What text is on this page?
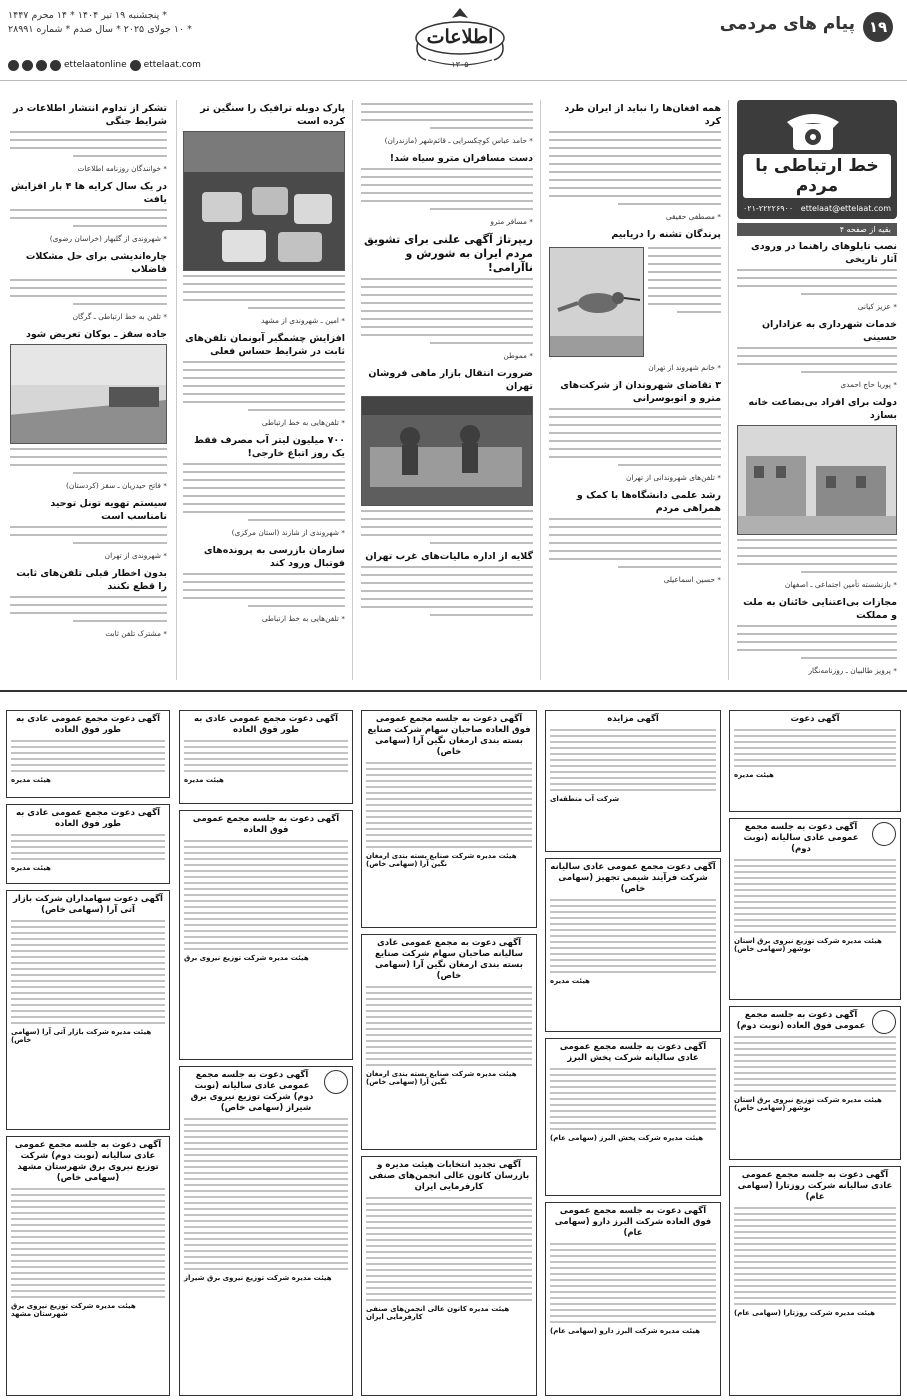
۱۹
پیام های مردمی
اطلاعات
۱۳۰۵
* پنجشنبه ۱۹ تیر ۱۴۰۴ * ۱۴ محرم ۱۴۴۷
* ۱۰ جولای ۲۰۲۵ * سال صدم * شماره ۲۸۹۹۱
ettelaatonline ettelaat.com
خط ارتباطی با مردم
ettelaat@ettelaat.com
۰۲۱-۲۲۲۲۶۹۰۰
بقیه از صفحه ۴
نصب تابلوهای راهنما در ورودی آثار تاریخی
* عزیز کیانی
خدمات شهرداری به عزاداران حسینی
* پوریا حاج احمدی
دولت برای افراد بی‌بضاعت خانه بسازد
* بازنشسته تأمین اجتماعی ـ اصفهان
مجازات بی‌اعتنایی خائنان به ملت و مملکت
* پرویز طالبیان ـ روزنامه‌نگار
همه افغان‌ها را نباید از ایران طرد کرد
* مصطفی حقیقی
پرندگان تشنه را دریابیم
* خانم شهروند از تهران
۳ تقاضای شهروندان از شرکت‌های مترو و اتوبوسرانی
* تلفن‌های شهروندانی از تهران
رشد علمی دانشگاه‌ها با کمک و همراهی مردم
* حسین اسماعیلی
* حامد عباس کوچکسرایی ـ قائم‌شهر (مازندران)
دست مسافران مترو سیاه شد!
* مسافر مترو
ریپرتاژ آگهی علنی برای تشویق مردم ایران به شورش و ناآرامی!
* مموطن
ضرورت انتقال بازار ماهی فروشان تهران
گلایه از اداره مالیات‌های غرب تهران
پارک دوبله ترافیک را سنگین تر کرده است
* امین ـ شهروندی از مشهد
افزایش چشمگیر آبونمان تلفن‌های ثابت در شرایط حساس فعلی
* تلفن‌هایی به خط ارتباطی
۷۰۰ میلیون لیتر آب مصرف فقط یک روز اتباع خارجی!
* شهروندی از شازند (استان مرکزی)
سازمان بازرسی به پرونده‌های فوتبال ورود کند
* تلفن‌هایی به خط ارتباطی
تشکر از تداوم انتشار اطلاعات در شرایط جنگی
* خوانندگان روزنامه اطلاعات
در یک سال کرایه ها ۴ بار افزایش یافت
* شهروندی از گلبهار (خراسان رضوی)
چاره‌اندیشی برای حل مشکلات فاضلاب
* تلفن به خط ارتباطی ـ گرگان
جاده سقز ـ بوکان تعریض شود
* فاتح حیدریان ـ سقز (کردستان)
سیستم تهویه تونل توحید نامناسب است
* شهروندی از تهران
بدون اخطار قبلی تلفن‌های ثابت را قطع نکنند
* مشترک تلفن ثابت
آگهی دعوت
هیئت مدیره
آگهی دعوت به جلسه مجمع عمومی عادی سالیانه (نوبت دوم)
هیئت مدیره شرکت توزیع نیروی برق استان بوشهر (سهامی خاص)
آگهی دعوت به جلسه مجمع عمومی فوق العاده (نوبت دوم)
هیئت مدیره شرکت توزیع نیروی برق استان بوشهر (سهامی خاص)
آگهی دعوت به جلسه مجمع عمومی عادی سالیانه شرکت روزتارا (سهامی عام)
هیئت مدیره شرکت روزتارا (سهامی عام)
آگهی مزایده
شرکت آب منطقه‌ای
آگهی دعوت مجمع عمومی عادی سالیانه شرکت فرآیند شیمی تجهیز (سهامی خاص)
هیئت مدیره
آگهی دعوت به جلسه مجمع عمومی عادی سالیانه شرکت پخش البرز
هیئت مدیره شرکت پخش البرز (سهامی عام)
آگهی دعوت به جلسه مجمع عمومی فوق العاده شرکت البرز دارو (سهامی عام)
هیئت مدیره شرکت البرز دارو (سهامی عام)
آگهی دعوت به جلسه مجمع عمومی فوق العاده صاحبان سهام شرکت صنایع بسته بندی ارمغان نگین آرا (سهامی خاص)
هیئت مدیره شرکت صنایع بسته بندی ارمغان نگین آرا (سهامی خاص)
آگهی دعوت به مجمع عمومی عادی سالیانه صاحبان سهام شرکت صنایع بسته بندی ارمغان نگین آرا (سهامی خاص)
هیئت مدیره شرکت صنایع بسته بندی ارمغان نگین آرا (سهامی خاص)
آگهی تجدید انتخابات هیئت مدیره و بازرسان کانون عالی انجمن‌های صنفی کارفرمایی ایران
هیئت مدیره کانون عالی انجمن‌های صنفی کارفرمایی ایران
آگهی دعوت مجمع عمومی عادی به طور فوق العاده
هیئت مدیره
آگهی دعوت به جلسه مجمع عمومی فوق العاده
هیئت مدیره شرکت توزیع نیروی برق
آگهی دعوت به جلسه مجمع عمومی عادی سالیانه (نوبت دوم) شرکت توزیع نیروی برق شیراز (سهامی خاص)
هیئت مدیره شرکت توزیع نیروی برق شیراز
آگهی دعوت مجمع عمومی عادی به طور فوق العاده
هیئت مدیره
آگهی دعوت مجمع عمومی عادی به طور فوق العاده
هیئت مدیره
آگهی دعوت سهامداران شرکت بازار آتی آرا (سهامی خاص)
هیئت مدیره شرکت بازار آتی آرا (سهامی خاص)
آگهی دعوت به جلسه مجمع عمومی عادی سالیانه (نوبت دوم) شرکت توزیع نیروی برق شهرستان مشهد (سهامی خاص)
هیئت مدیره شرکت توزیع نیروی برق شهرستان مشهد
